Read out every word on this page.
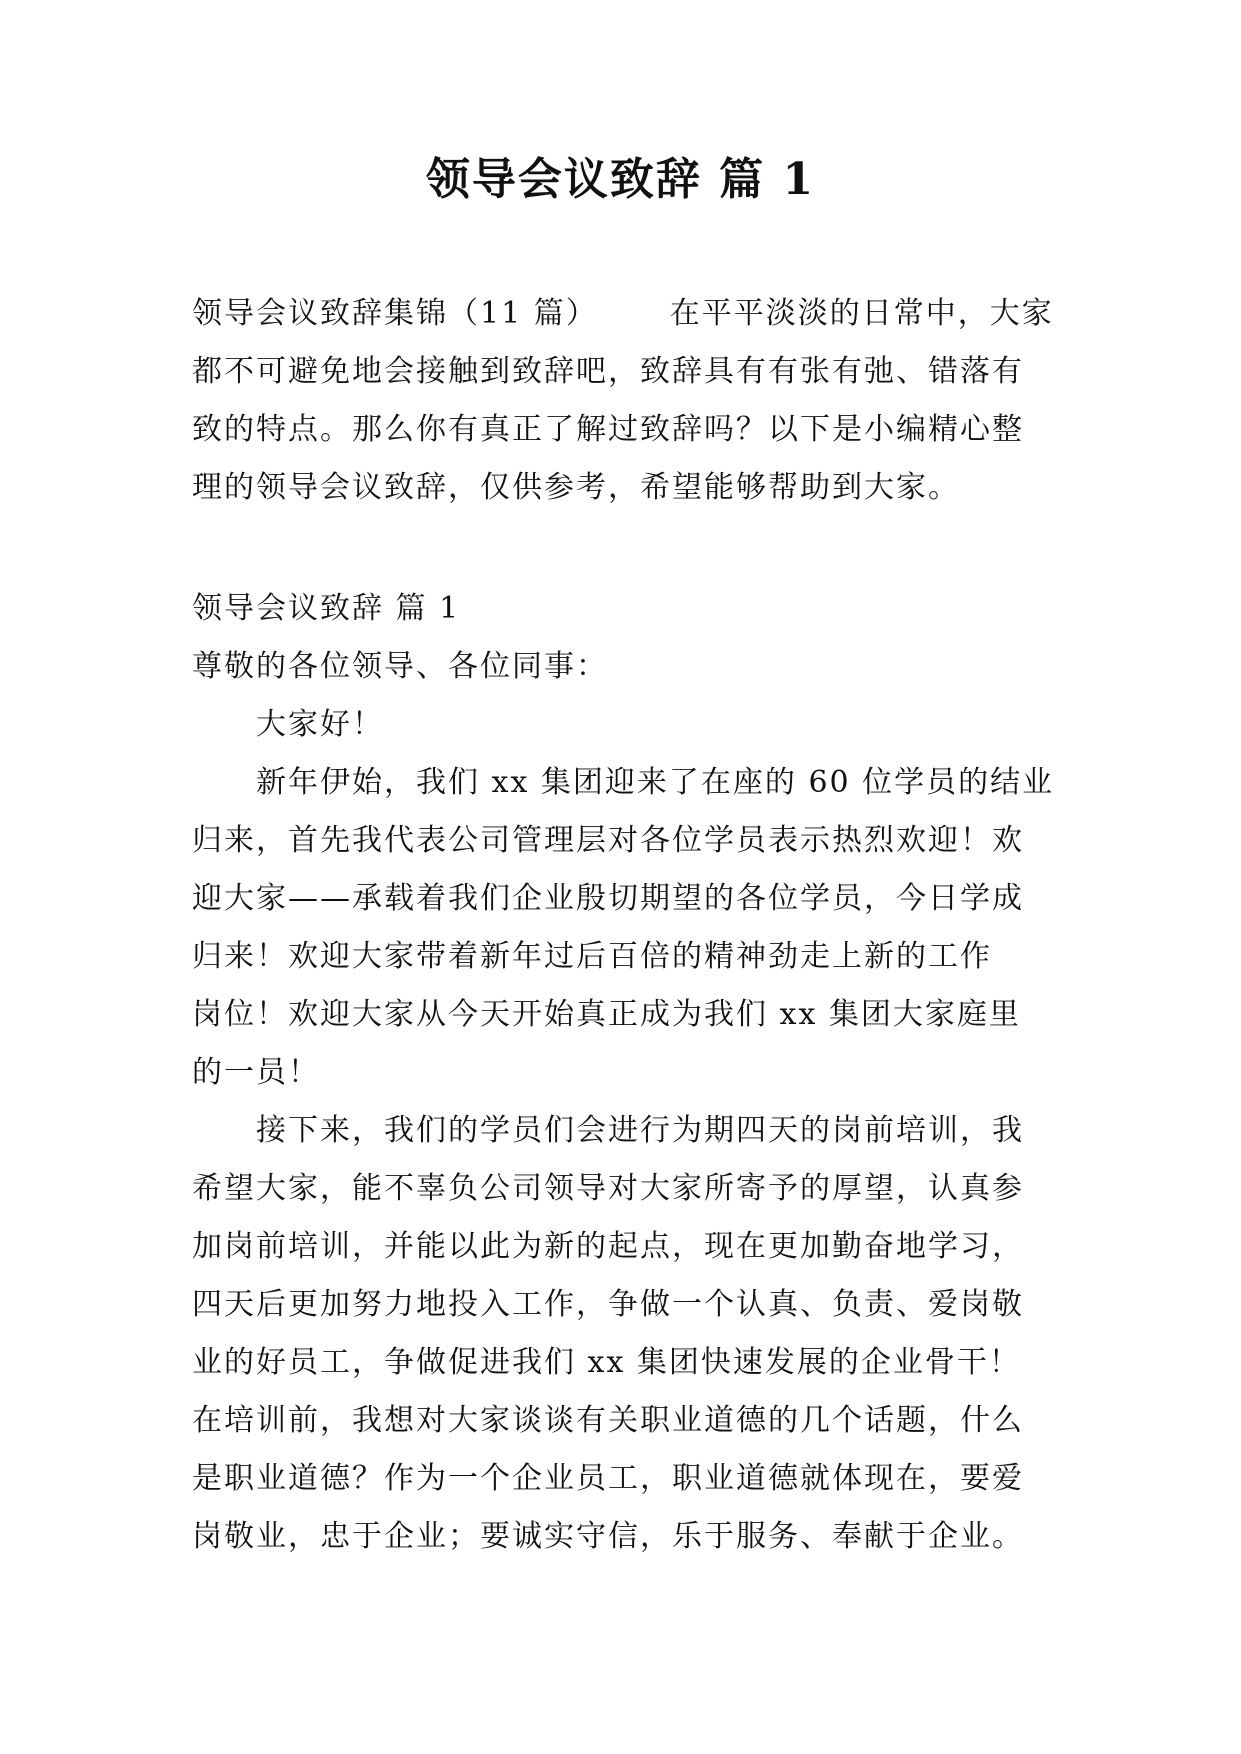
领导会议致辞 篇 1
领导会议致辞集锦（11 篇） 在平平淡淡的日常中，大家
都不可避免地会接触到致辞吧，致辞具有有张有弛、错落有
致的特点。那么你有真正了解过致辞吗？以下是小编精心整
理的领导会议致辞，仅供参考，希望能够帮助到大家。
领导会议致辞 篇 1
尊敬的各位领导、各位同事：
大家好！
新年伊始，我们 xx 集团迎来了在座的 60 位学员的结业
归来，首先我代表公司管理层对各位学员表示热烈欢迎！欢
迎大家——承载着我们企业殷切期望的各位学员，今日学成
归来！欢迎大家带着新年过后百倍的精神劲走上新的工作
岗位！欢迎大家从今天开始真正成为我们 xx 集团大家庭里
的一员！
接下来，我们的学员们会进行为期四天的岗前培训，我
希望大家，能不辜负公司领导对大家所寄予的厚望，认真参
加岗前培训，并能以此为新的起点，现在更加勤奋地学习，
四天后更加努力地投入工作，争做一个认真、负责、爱岗敬
业的好员工，争做促进我们 xx 集团快速发展的企业骨干！
在培训前，我想对大家谈谈有关职业道德的几个话题，什么
是职业道德？作为一个企业员工，职业道德就体现在，要爱
岗敬业，忠于企业；要诚实守信，乐于服务、奉献于企业。
